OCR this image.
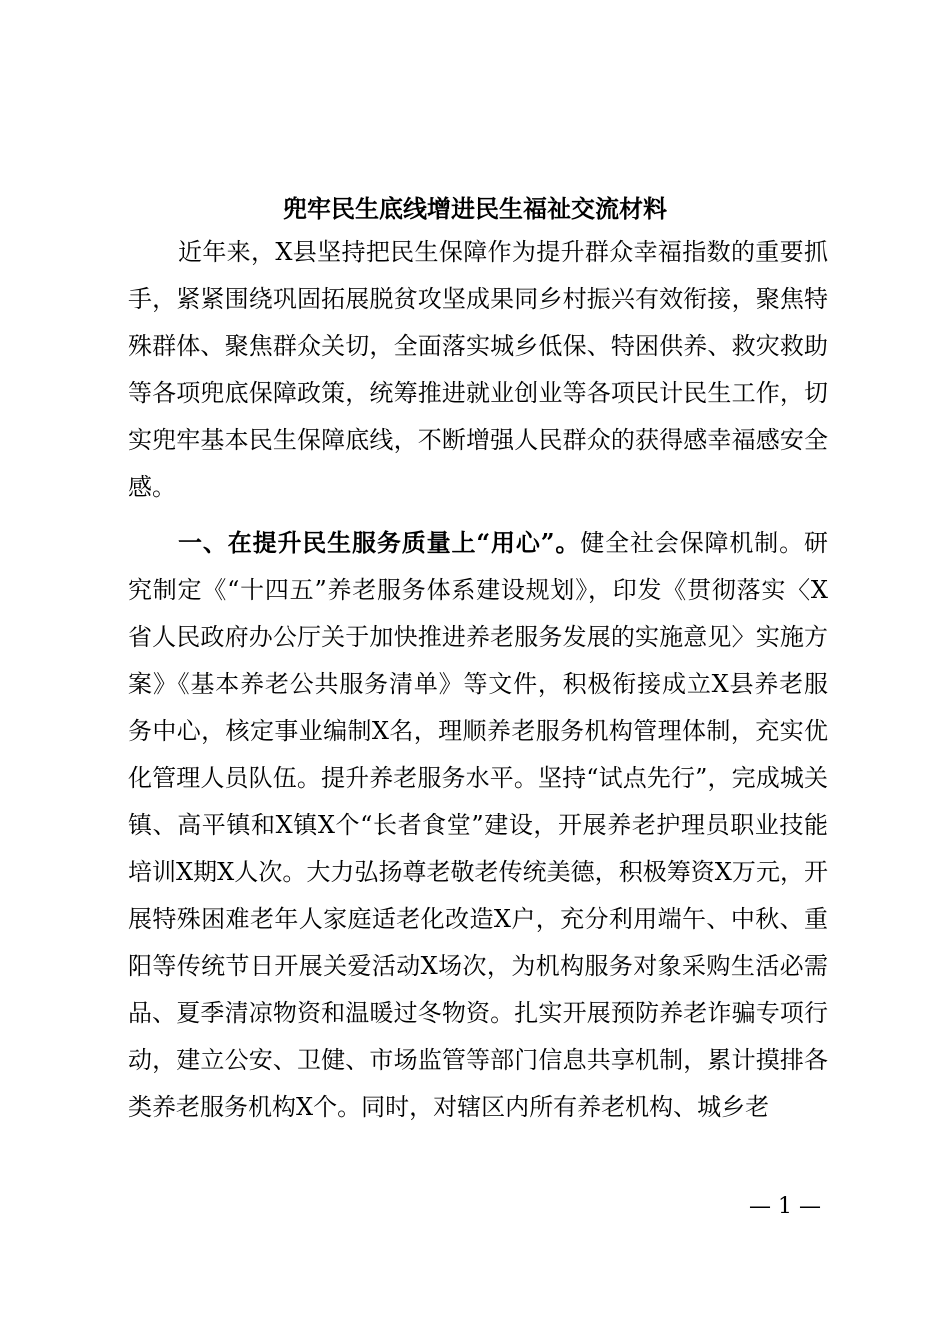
兜牢民生底线增进民生福祉交流材料

近年来，X县坚持把民生保障作为提升群众幸福指数的重要抓手，紧紧围绕巩固拓展脱贫攻坚成果同乡村振兴有效衔接，聚焦特殊群体、聚焦群众关切，全面落实城乡低保、特困供养、救灾救助等各项兜底保障政策，统筹推进就业创业等各项民计民生工作，切实兜牢基本民生保障底线，不断增强人民群众的获得感幸福感安全感。

一、在提升民生服务质量上“用心”。健全社会保障机制。研究制定《“十四五”养老服务体系建设规划》，印发《贯彻落实〈X省人民政府办公厅关于加快推进养老服务发展的实施意见〉实施方案》《基本养老公共服务清单》等文件，积极衔接成立X县养老服务中心，核定事业编制X名，理顺养老服务机构管理体制，充实优化管理人员队伍。提升养老服务水平。坚持“试点先行”，完成城关镇、高平镇和X镇X个“长者食堂”建设，开展养老护理员职业技能培训X期X人次。大力弘扬尊老敬老传统美德，积极筹资X万元，开展特殊困难老年人家庭适老化改造X户，充分利用端午、中秋、重阳等传统节日开展关爱活动X场次，为机构服务对象采购生活必需品、夏季清凉物资和温暖过冬物资。扎实开展预防养老诈骗专项行动，建立公安、卫健、市场监管等部门信息共享机制，累计摸排各类养老服务机构X个。同时，对辖区内所有养老机构、城乡老

— 1 —
